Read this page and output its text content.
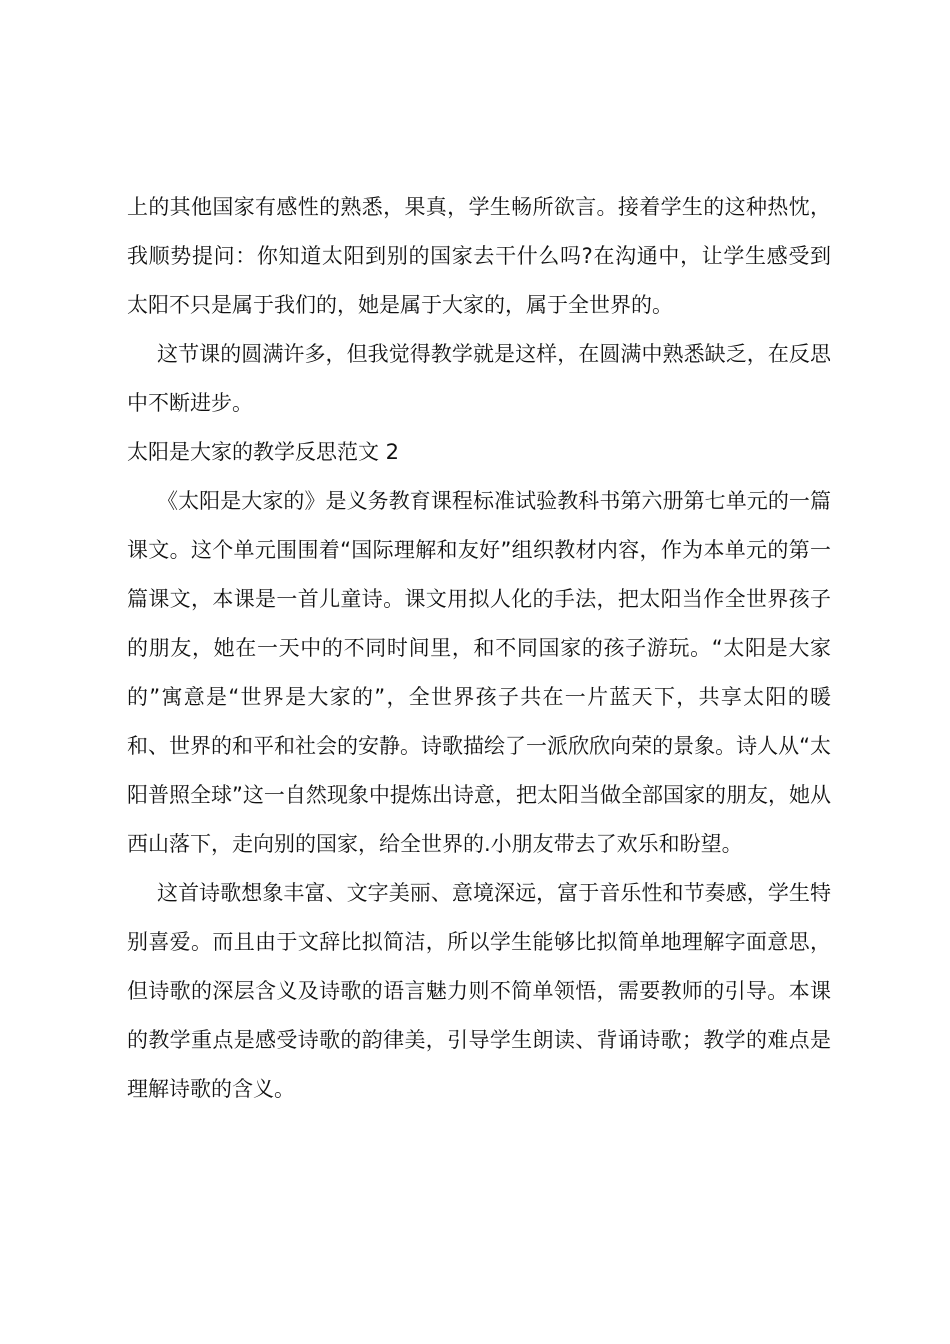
上的其他国家有感性的熟悉，果真，学生畅所欲言。接着学生的这种热忱，我顺势提问：你知道太阳到别的国家去干什么吗?在沟通中，让学生感受到太阳不只是属于我们的，她是属于大家的，属于全世界的。

这节课的圆满许多，但我觉得教学就是这样，在圆满中熟悉缺乏，在反思中不断进步。

太阳是大家的教学反思范文 2

《太阳是大家的》是义务教育课程标准试验教科书第六册第七单元的一篇课文。这个单元围围着“国际理解和友好”组织教材内容，作为本单元的第一篇课文，本课是一首儿童诗。课文用拟人化的手法，把太阳当作全世界孩子的朋友，她在一天中的不同时间里，和不同国家的孩子游玩。“太阳是大家的”寓意是“世界是大家的”，全世界孩子共在一片蓝天下，共享太阳的暖和、世界的和平和社会的安静。诗歌描绘了一派欣欣向荣的景象。诗人从“太阳普照全球”这一自然现象中提炼出诗意，把太阳当做全部国家的朋友，她从西山落下，走向别的国家，给全世界的.小朋友带去了欢乐和盼望。

这首诗歌想象丰富、文字美丽、意境深远，富于音乐性和节奏感，学生特别喜爱。而且由于文辞比拟简洁，所以学生能够比拟简单地理解字面意思，但诗歌的深层含义及诗歌的语言魅力则不简单领悟，需要教师的引导。本课的教学重点是感受诗歌的韵律美，引导学生朗读、背诵诗歌；教学的难点是理解诗歌的含义。
